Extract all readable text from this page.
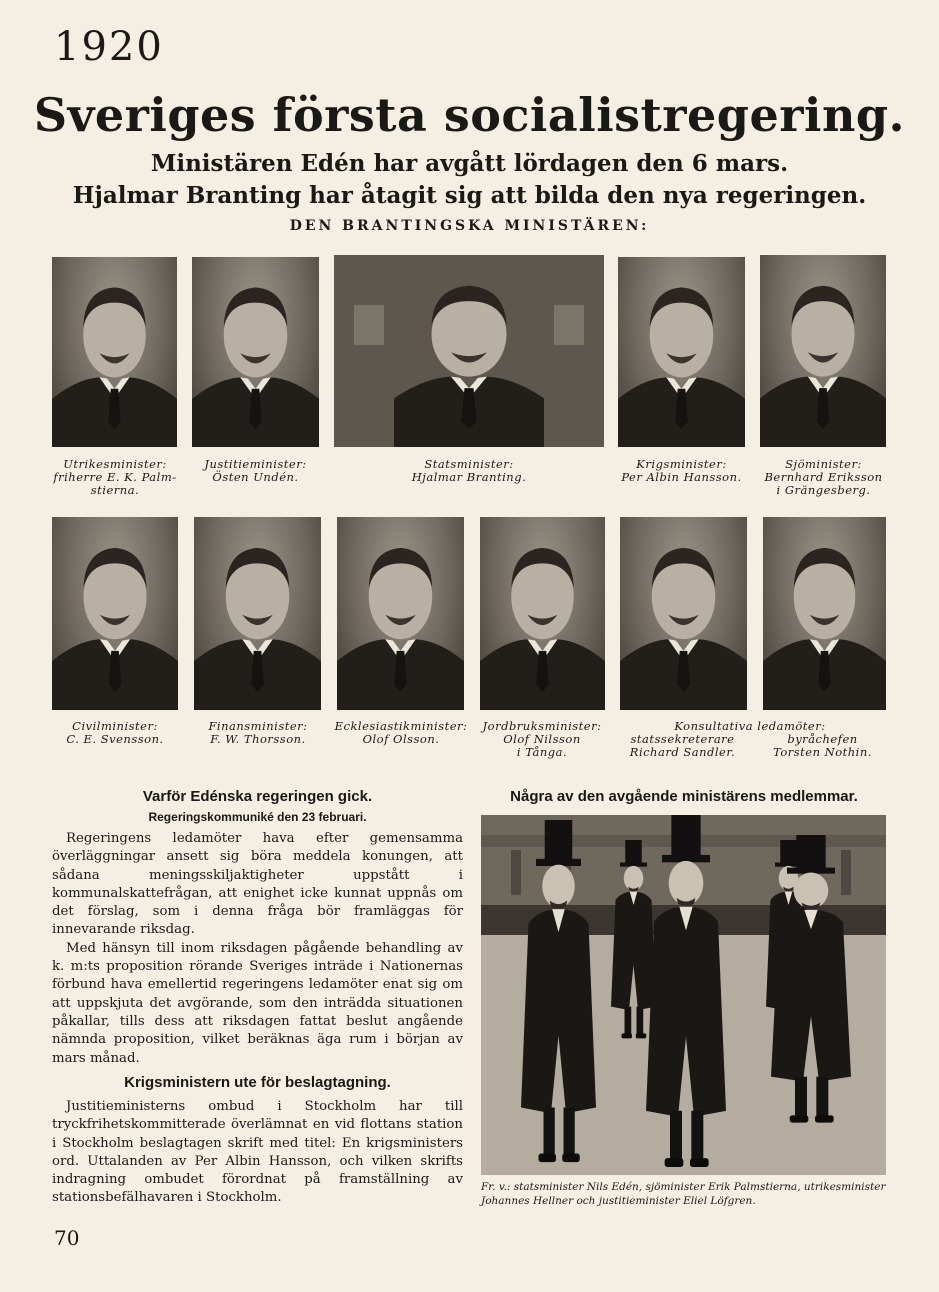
1920
Sveriges första socialistregering.
Ministären Edén har avgått lördagen den 6 mars.
Hjalmar Branting har åtagit sig att bilda den nya regeringen.
DEN BRANTINGSKA MINISTÄREN:
Utrikesminister:
friherre E. K. Palm-
stierna.
Justitieminister:
Östen Undén.
Statsminister:
Hjalmar Branting.
Krigsminister:
Per Albin Hansson.
Sjöminister:
Bernhard Eriksson
i Grängesberg.
Civilminister:
C. E. Svensson.
Finansminister:
F. W. Thorsson.
Ecklesiastikminister:
Olof Olsson.
Jordbruksminister:
Olof Nilsson
i Tånga.
Konsultativa ledamöter:
statssekreterare
Richard Sandler.
byråchefen
Torsten Nothin.
Varför Edénska regeringen gick.
Regeringskommuniké den 23 februari.

Regeringens ledamöter hava efter gemensamma överläggningar ansett sig böra meddela konungen, att sådana meningsskiljaktigheter uppstått i kommunalskattefrågan, att enighet icke kunnat uppnås om det förslag, som i denna fråga bör framläggas för innevarande riksdag.

Med hänsyn till inom riksdagen pågående behandling av k. m:ts proposition rörande Sveriges inträde i Nationernas förbund hava emellertid regeringens ledamöter enat sig om att uppskjuta det avgörande, som den inträdda situationen påkallar, tills dess att riksdagen fattat beslut angående nämnda proposition, vilket beräknas äga rum i början av mars månad.

Krigsministern ute för beslagtagning.

Justitieministerns ombud i Stockholm har till tryckfrihetskommitterade överlämnat en vid flottans station i Stockholm beslagtagen skrift med titel: En krigsministers ord. Uttalanden av Per Albin Hansson, och vilken skrifts indragning ombudet förordnat på framställning av stationsbefälhavaren i Stockholm.

Några av den avgående ministärens medlemmar.
Fr. v.: statsminister Nils Edén, sjöminister Erik Palmstierna, utrikesminister Johannes Hellner och justitieminister Eliel Löfgren.
70
